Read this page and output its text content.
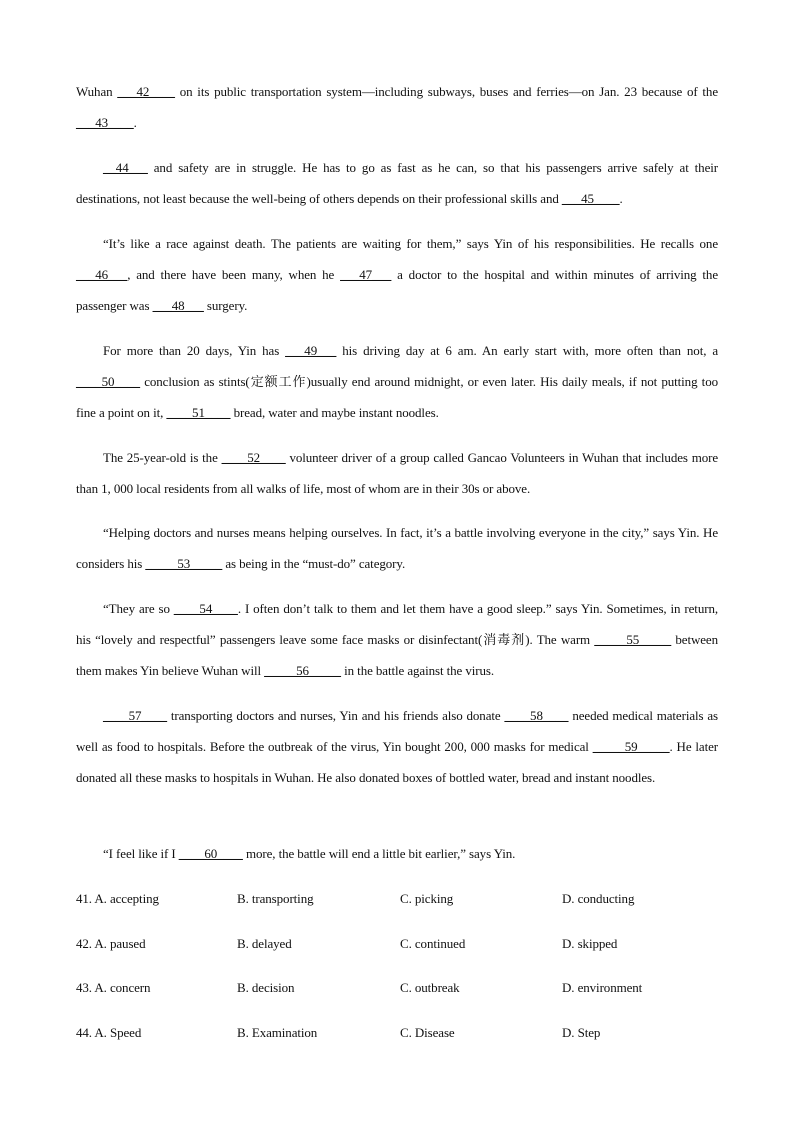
Wuhan ___42____ on its public transportation system—including subways, buses and ferries—on Jan. 23 because of the ___43____.

__44___ and safety are in struggle. He has to go as fast as he can, so that his passengers arrive safely at their destinations, not least because the well-being of others depends on their professional skills and ___45____.

“It’s like a race against death. The patients are waiting for them,” says Yin of his responsibilities. He recalls one ___46___, and there have been many, when he ___47___ a doctor to the hospital and within minutes of arriving the passenger was ___48___ surgery.

For more than 20 days, Yin has ___49___ his driving day at 6 am. An early start with, more often than not, a ____50____ conclusion as stints(定额工作)usually end around midnight, or even later. His daily meals, if not putting too fine a point on it, ____51____ bread, water and maybe instant noodles.

The 25-year-old is the ____52____ volunteer driver of a group called Gancao Volunteers in Wuhan that includes more than 1, 000 local residents from all walks of life, most of whom are in their 30s or above.

“Helping doctors and nurses means helping ourselves. In fact, it’s a battle involving everyone in the city,” says Yin. He considers his _____53_____ as being in the “must-do” category.

“They are so ____54____. I often don’t talk to them and let them have a good sleep.” says Yin. Sometimes, in return, his “lovely and respectful” passengers leave some face masks or disinfectant(消毒剂). The warm _____55_____ between them makes Yin believe Wuhan will _____56_____ in the battle against the virus.

____57____ transporting doctors and nurses, Yin and his friends also donate ____58____ needed medical materials as well as food to hospitals. Before the outbreak of the virus, Yin bought 200, 000 masks for medical _____59_____. He later donated all these masks to hospitals in Wuhan. He also donated boxes of bottled water, bread and instant noodles.

“I feel like if I ____60____ more, the battle will end a little bit earlier,” says Yin.

41. A. accepting	B. transporting	C. picking	D. conducting
42. A. paused	B. delayed	C. continued	D. skipped
43. A. concern	B. decision	C. outbreak	D. environment
44. A. Speed	B. Examination	C. Disease	D. Step
